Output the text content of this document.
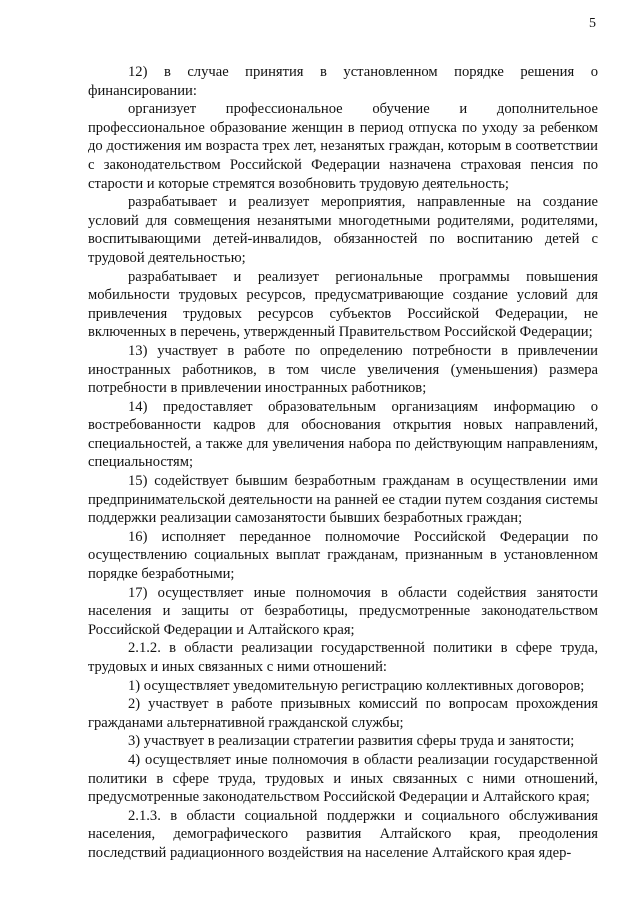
5

12) в случае принятия в установленном порядке решения о финансировании:

организует профессиональное обучение и дополнительное профессиональное образование женщин в период отпуска по уходу за ребенком до достижения им возраста трех лет, незанятых граждан, которым в соответствии с законодательством Российской Федерации назначена страховая пенсия по старости и которые стремятся возобновить трудовую деятельность;

разрабатывает и реализует мероприятия, направленные на создание условий для совмещения незанятыми многодетными родителями, родителями, воспитывающими детей-инвалидов, обязанностей по воспитанию детей с трудовой деятельностью;

разрабатывает и реализует региональные программы повышения мобильности трудовых ресурсов, предусматривающие создание условий для привлечения трудовых ресурсов субъектов Российской Федерации, не включенных в перечень, утвержденный Правительством Российской Федерации;

13) участвует в работе по определению потребности в привлечении иностранных работников, в том числе увеличения (уменьшения) размера потребности в привлечении иностранных работников;

14) предоставляет образовательным организациям информацию о востребованности кадров для обоснования открытия новых направлений, специальностей, а также для увеличения набора по действующим направлениям, специальностям;

15) содействует бывшим безработным гражданам в осуществлении ими предпринимательской деятельности на ранней ее стадии путем создания системы поддержки реализации самозанятости бывших безработных граждан;

16) исполняет переданное полномочие Российской Федерации по осуществлению социальных выплат гражданам, признанным в установленном порядке безработными;

17) осуществляет иные полномочия в области содействия занятости населения и защиты от безработицы, предусмотренные законодательством Российской Федерации и Алтайского края;

2.1.2. в области реализации государственной политики в сфере труда, трудовых и иных связанных с ними отношений:

1) осуществляет уведомительную регистрацию коллективных договоров;

2) участвует в работе призывных комиссий по вопросам прохождения гражданами альтернативной гражданской службы;

3) участвует в реализации стратегии развития сферы труда и занятости;

4) осуществляет иные полномочия в области реализации государственной политики в сфере труда, трудовых и иных связанных с ними отношений, предусмотренные законодательством Российской Федерации и Алтайского края;

2.1.3. в области социальной поддержки и социального обслуживания населения, демографического развития Алтайского края, преодоления последствий радиационного воздействия на население Алтайского края ядер-
